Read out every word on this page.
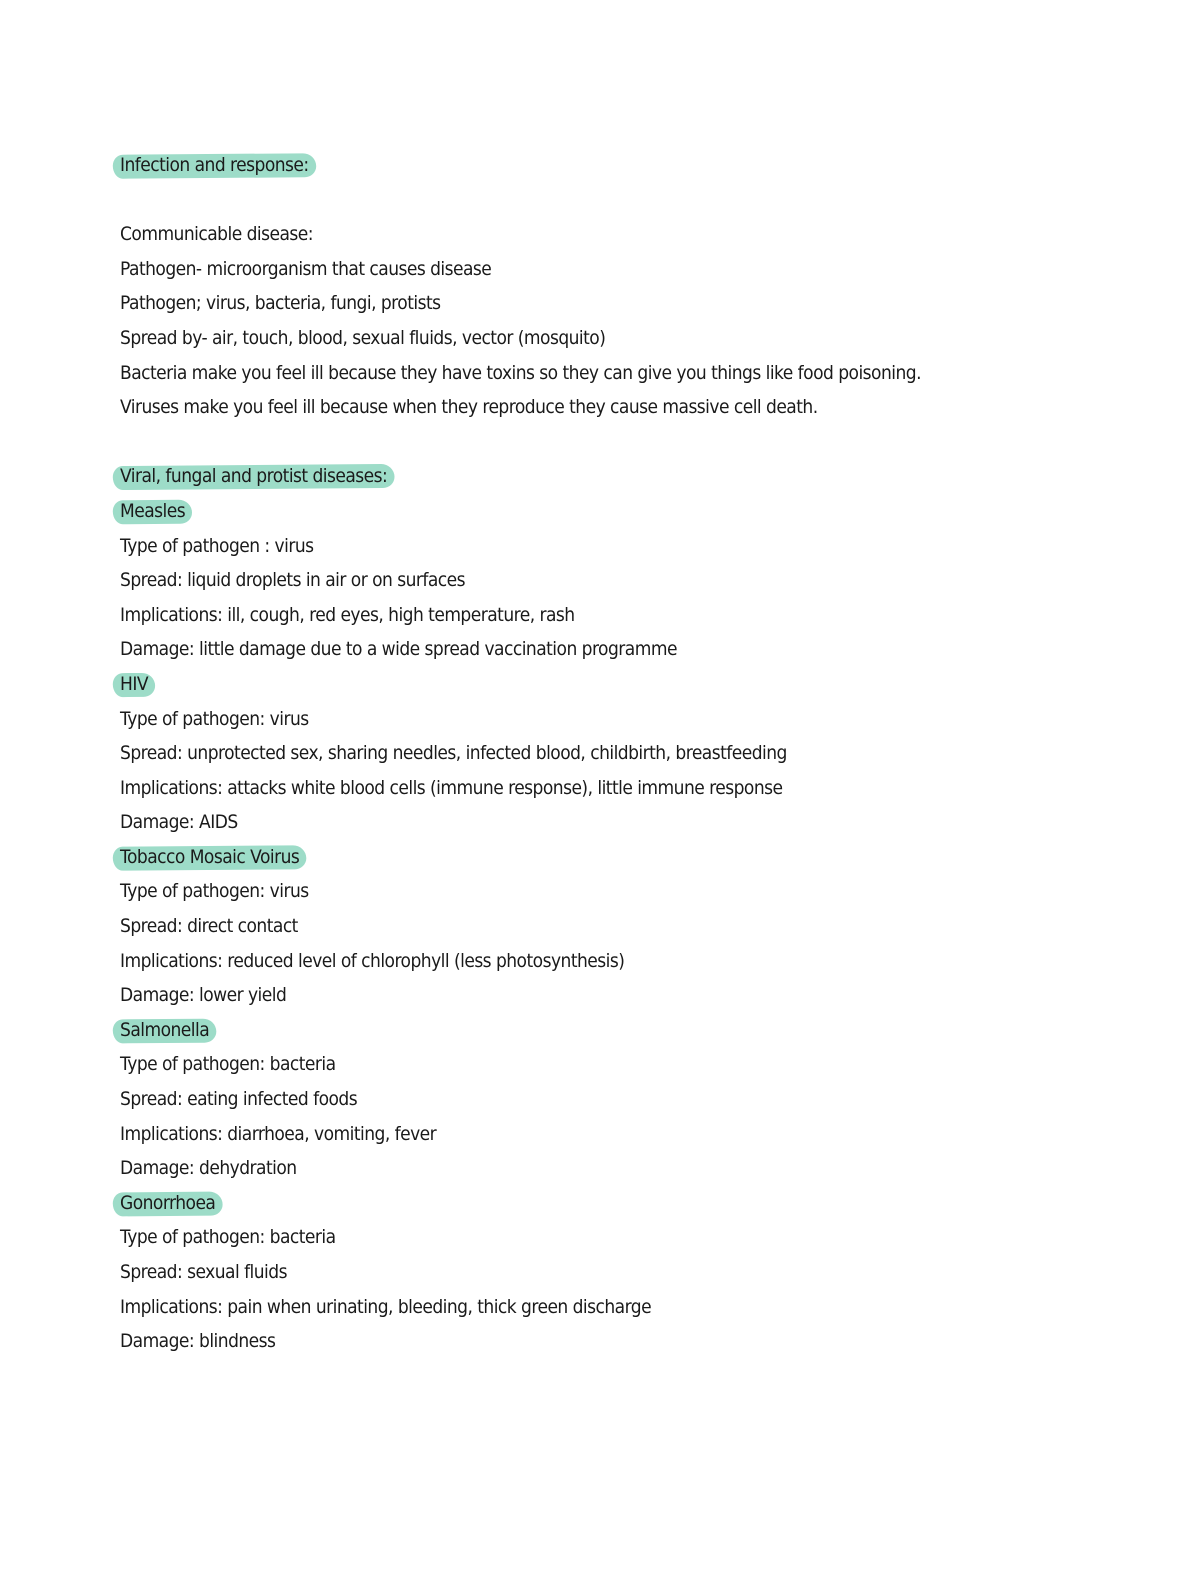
Infection and response:
Communicable disease:
Pathogen- microorganism that causes disease
Pathogen; virus, bacteria, fungi, protists
Spread by- air, touch, blood, sexual fluids, vector (mosquito)
Bacteria make you feel ill because they have toxins so they can give you things like food poisoning.
Viruses make you feel ill because when they reproduce they cause massive cell death.
Viral, fungal and protist diseases:
Measles
Type of pathogen : virus
Spread: liquid droplets in air or on surfaces
Implications: ill, cough, red eyes, high temperature, rash
Damage: little damage due to a wide spread vaccination programme
HIV
Type of pathogen: virus
Spread: unprotected sex, sharing needles, infected blood, childbirth, breastfeeding
Implications: attacks white blood cells (immune response), little immune response
Damage: AIDS
Tobacco Mosaic Voirus
Type of pathogen: virus
Spread: direct contact
Implications: reduced level of chlorophyll (less photosynthesis)
Damage: lower yield
Salmonella
Type of pathogen: bacteria
Spread: eating infected foods
Implications: diarrhoea, vomiting, fever
Damage: dehydration
Gonorrhoea
Type of pathogen: bacteria
Spread: sexual fluids
Implications: pain when urinating, bleeding, thick green discharge
Damage: blindness
